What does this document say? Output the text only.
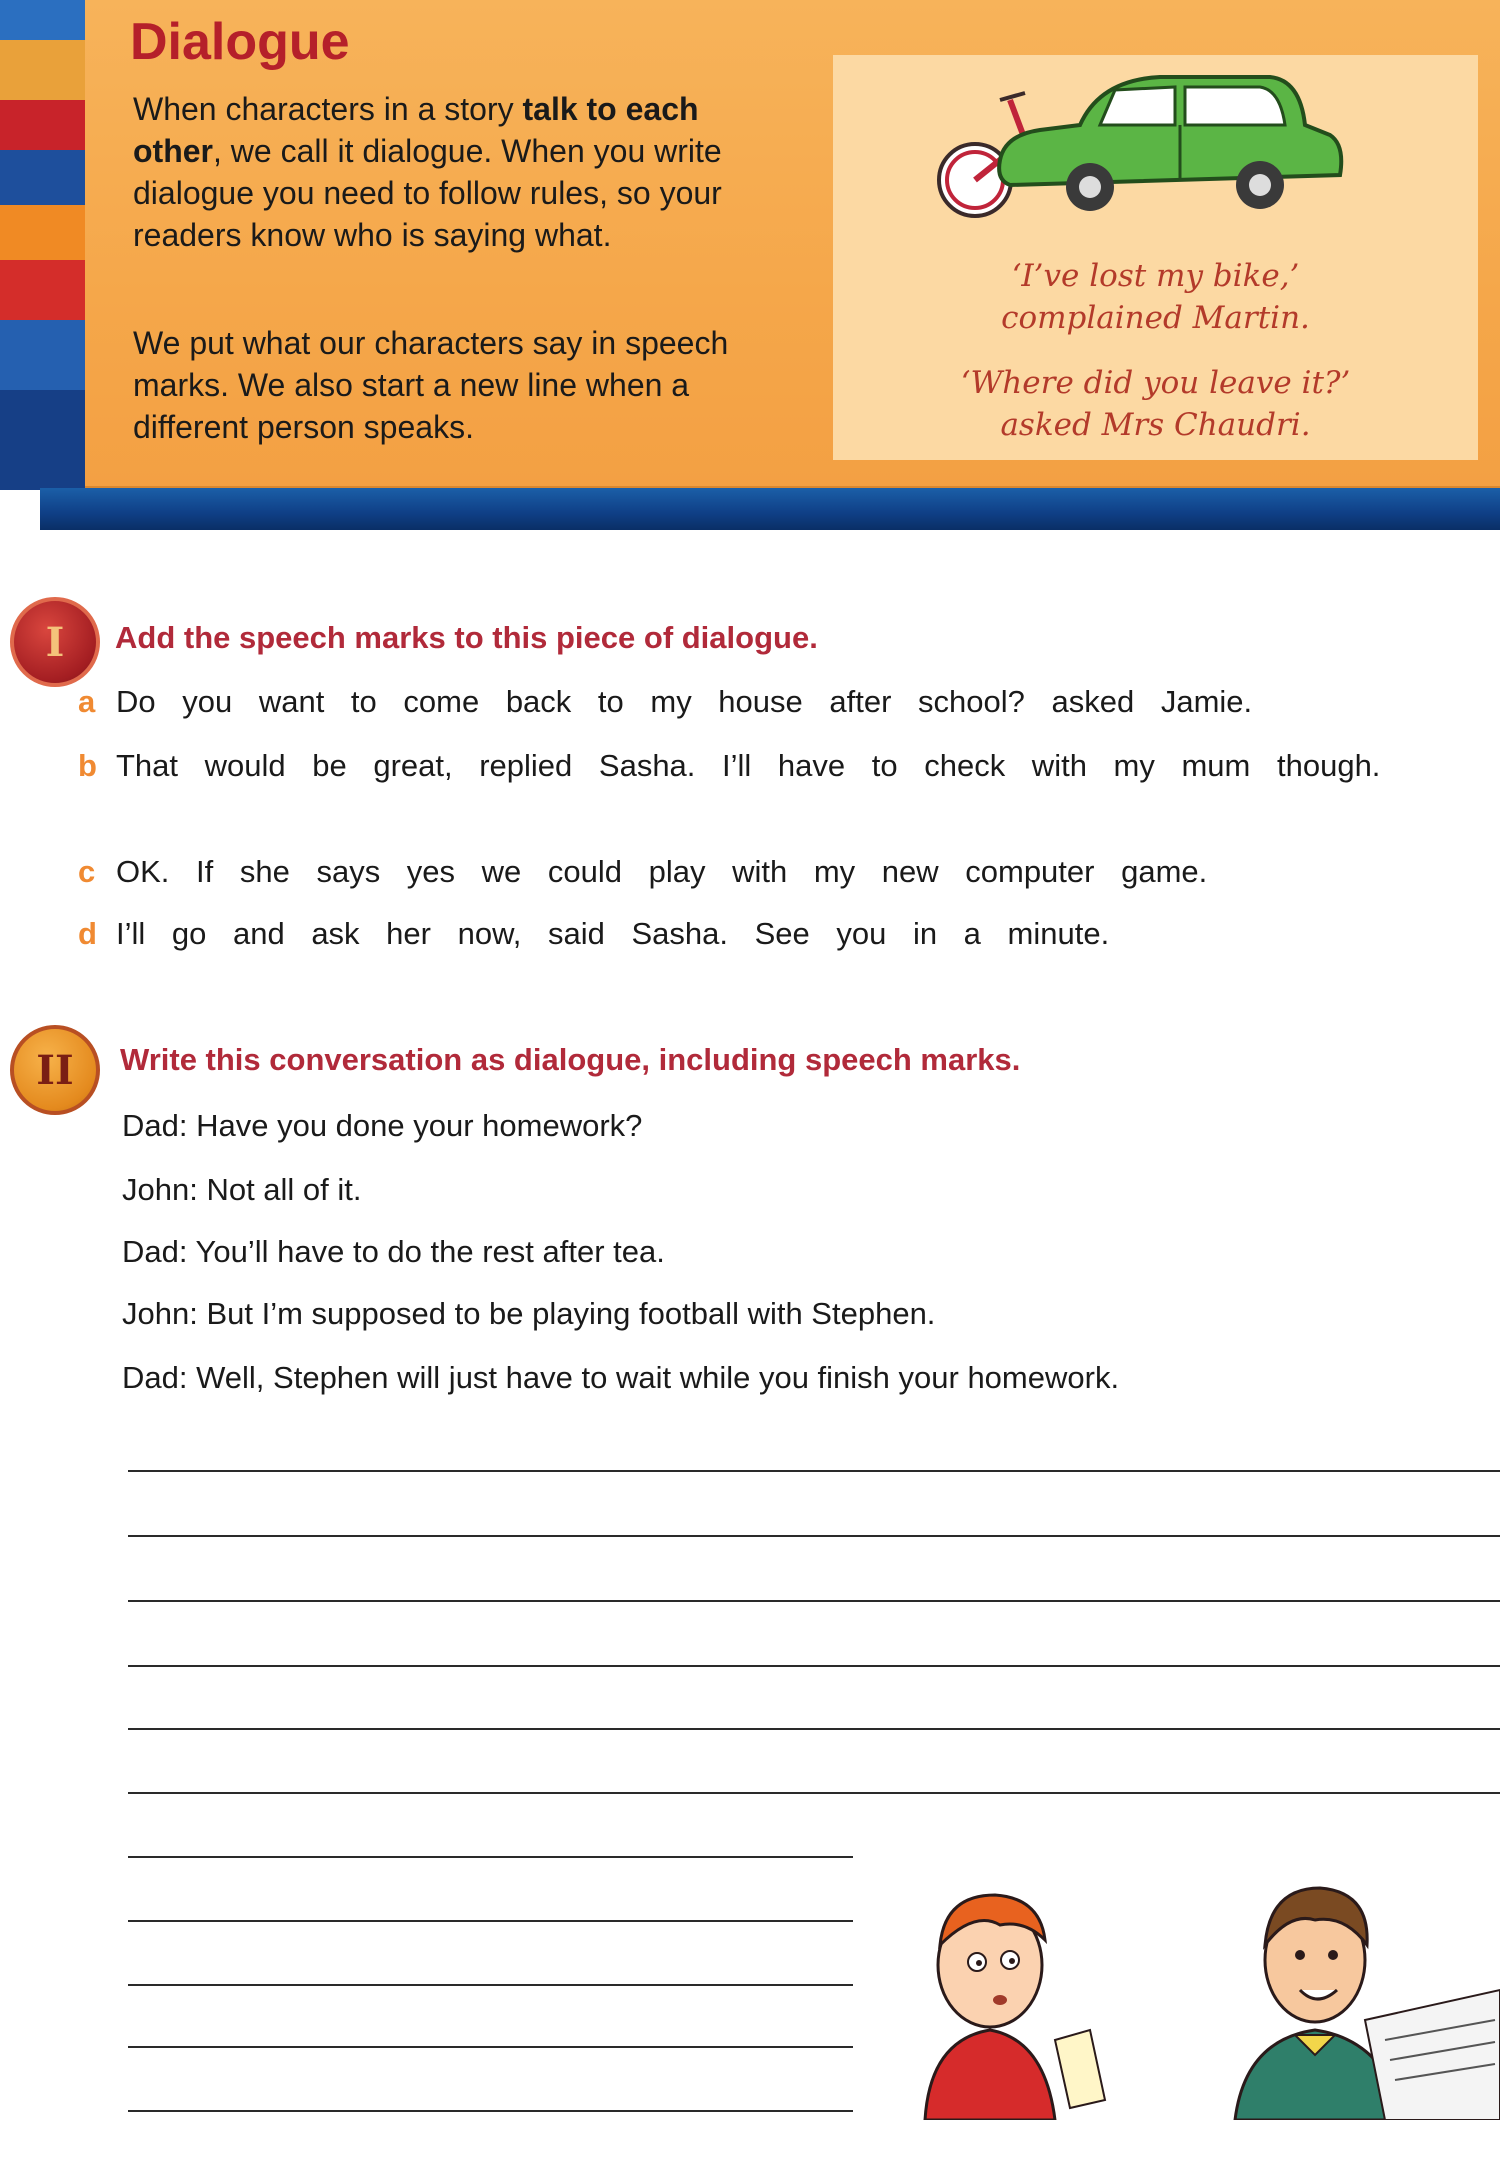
Dialogue

When characters in a story talk to each other, we call it dialogue. When you write dialogue you need to follow rules, so your readers know who is saying what.

We put what our characters say in speech marks. We also start a new line when a different person speaks.

‘I’ve lost my bike,’
complained Martin.
‘Where did you leave it?’
asked Mrs Chaudri.
I	Add the speech marks to this piece of dialogue.
a Do you want to come back to my house after school? asked Jamie.
b That would be great, replied Sasha. I’ll have to check with my mum though.
c OK. If she says yes we could play with my new computer game.
d I’ll go and ask her now, said Sasha. See you in a minute.
II	Write this conversation as dialogue, including speech marks.

Dad: Have you done your homework?

John: Not all of it.

Dad: You’ll have to do the rest after tea.

John: But I’m supposed to be playing football with Stephen.

Dad: Well, Stephen will just have to wait while you finish your homework.
